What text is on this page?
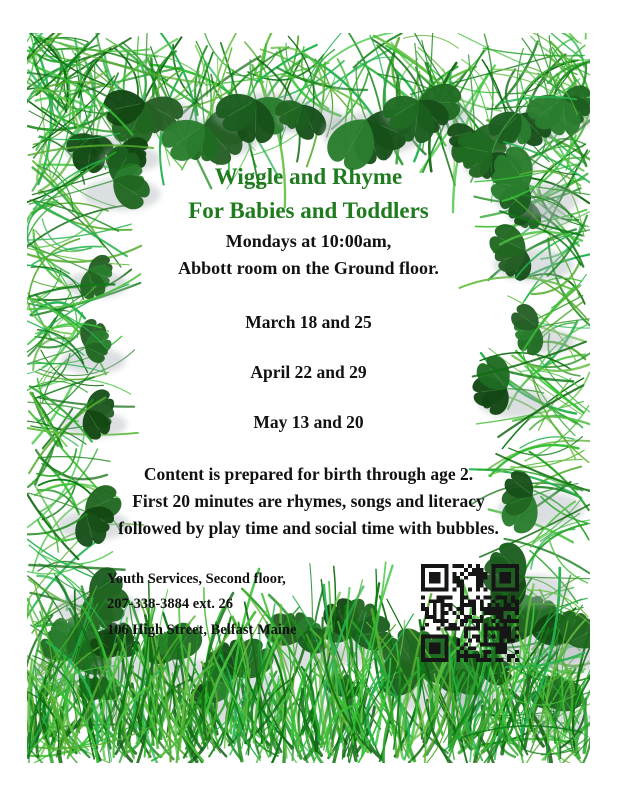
Wiggle and Rhyme
For Babies and Toddlers
Mondays at 10:00am,
Abbott room on the Ground floor.
March 18 and 25
April 22 and 29
May 13 and 20
Content is prepared for birth through age 2.
First 20 minutes are rhymes, songs and literacy
followed by play time and social time with bubbles.
Youth Services, Second floor,
207-338-3884 ext. 26
106 High Street, Belfast Maine
